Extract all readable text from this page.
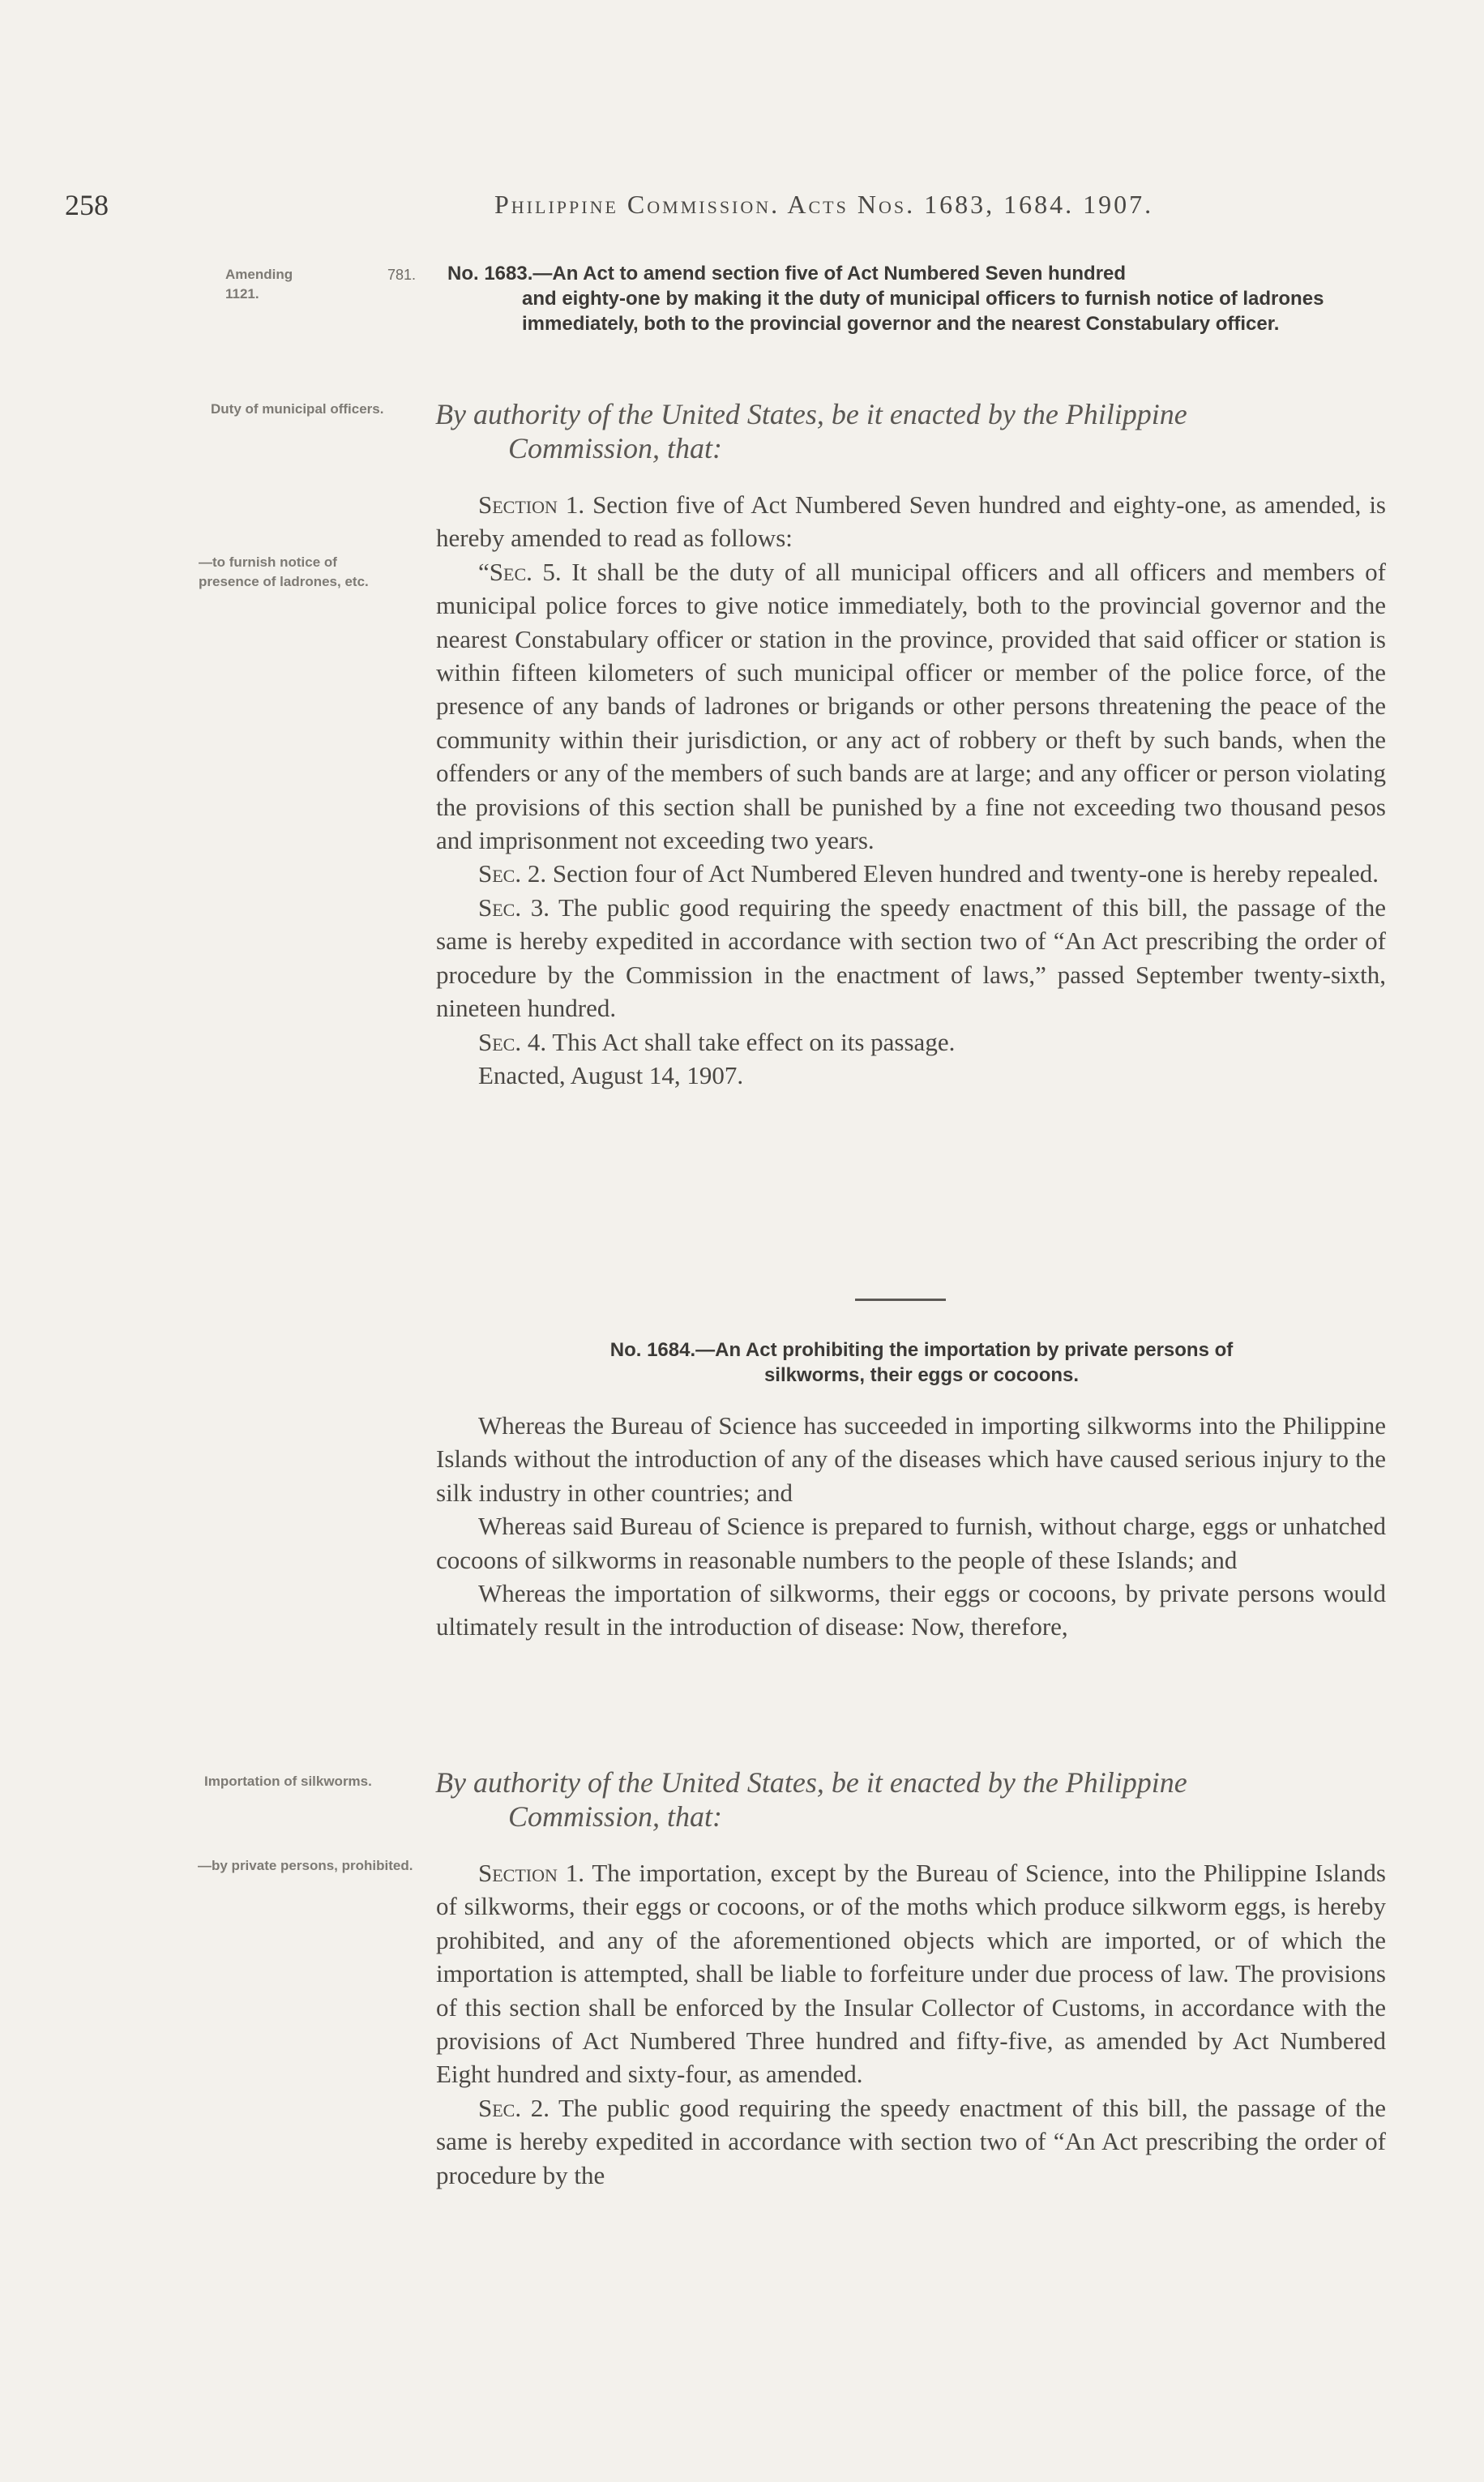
258	Philippine Commission. Acts Nos. 1683, 1684. 1907.
Amending 1121.
781. No. 1683.—An Act to amend section five of Act Numbered Seven hundred
and eighty-one by making it the duty of municipal officers to furnish notice of ladrones immediately, both to the provincial governor and the nearest Constabulary officer.
Duty of municipal officers.	By authority of the United States, be it enacted by the Philippine
Commission, that:
—to furnish notice of presence of ladrones, etc.

Section 1. Section five of Act Numbered Seven hundred and eighty-one, as amended, is hereby amended to read as follows:

“Sec. 5. It shall be the duty of all municipal officers and all officers and members of municipal police forces to give notice immediately, both to the provincial governor and the nearest Constabulary officer or station in the province, provided that said officer or station is within fifteen kilometers of such municipal officer or member of the police force, of the presence of any bands of ladrones or brigands or other persons threatening the peace of the community within their jurisdiction, or any act of robbery or theft by such bands, when the offenders or any of the members of such bands are at large; and any officer or person violating the provisions of this section shall be punished by a fine not exceeding two thousand pesos and imprisonment not exceeding two years.

Sec. 2. Section four of Act Numbered Eleven hundred and twenty-one is hereby repealed.

Sec. 3. The public good requiring the speedy enactment of this bill, the passage of the same is hereby expedited in accordance with section two of “An Act prescribing the order of procedure by the Commission in the enactment of laws,” passed September twenty-sixth, nineteen hundred.

Sec. 4. This Act shall take effect on its passage.

Enacted, August 14, 1907.

No. 1684.—An Act prohibiting the importation by private persons of
silkworms, their eggs or cocoons.

Whereas the Bureau of Science has succeeded in importing silkworms into the Philippine Islands without the introduction of any of the diseases which have caused serious injury to the silk industry in other countries; and

Whereas said Bureau of Science is prepared to furnish, without charge, eggs or unhatched cocoons of silkworms in reasonable numbers to the people of these Islands; and

Whereas the importation of silkworms, their eggs or cocoons, by private persons would ultimately result in the introduction of disease: Now, therefore,

Importation of silkworms.	By authority of the United States, be it enacted by the Philippine
Commission, that:
—by private persons, prohibited.	Section 1. The importation, except by the Bureau of Science, into the Philippine Islands of silkworms, their eggs or cocoons, or of the moths which produce silkworm eggs, is hereby prohibited, and any of the aforementioned objects which are imported, or of which the importation is attempted, shall be liable to forfeiture under due process of law. The provisions of this section shall be enforced by the Insular Collector of Customs, in accordance with the provisions of Act Numbered Three hundred and fifty-five, as amended by Act Numbered Eight hundred and sixty-four, as amended.

Sec. 2. The public good requiring the speedy enactment of this bill, the passage of the same is hereby expedited in accordance with section two of “An Act prescribing the order of procedure by the
